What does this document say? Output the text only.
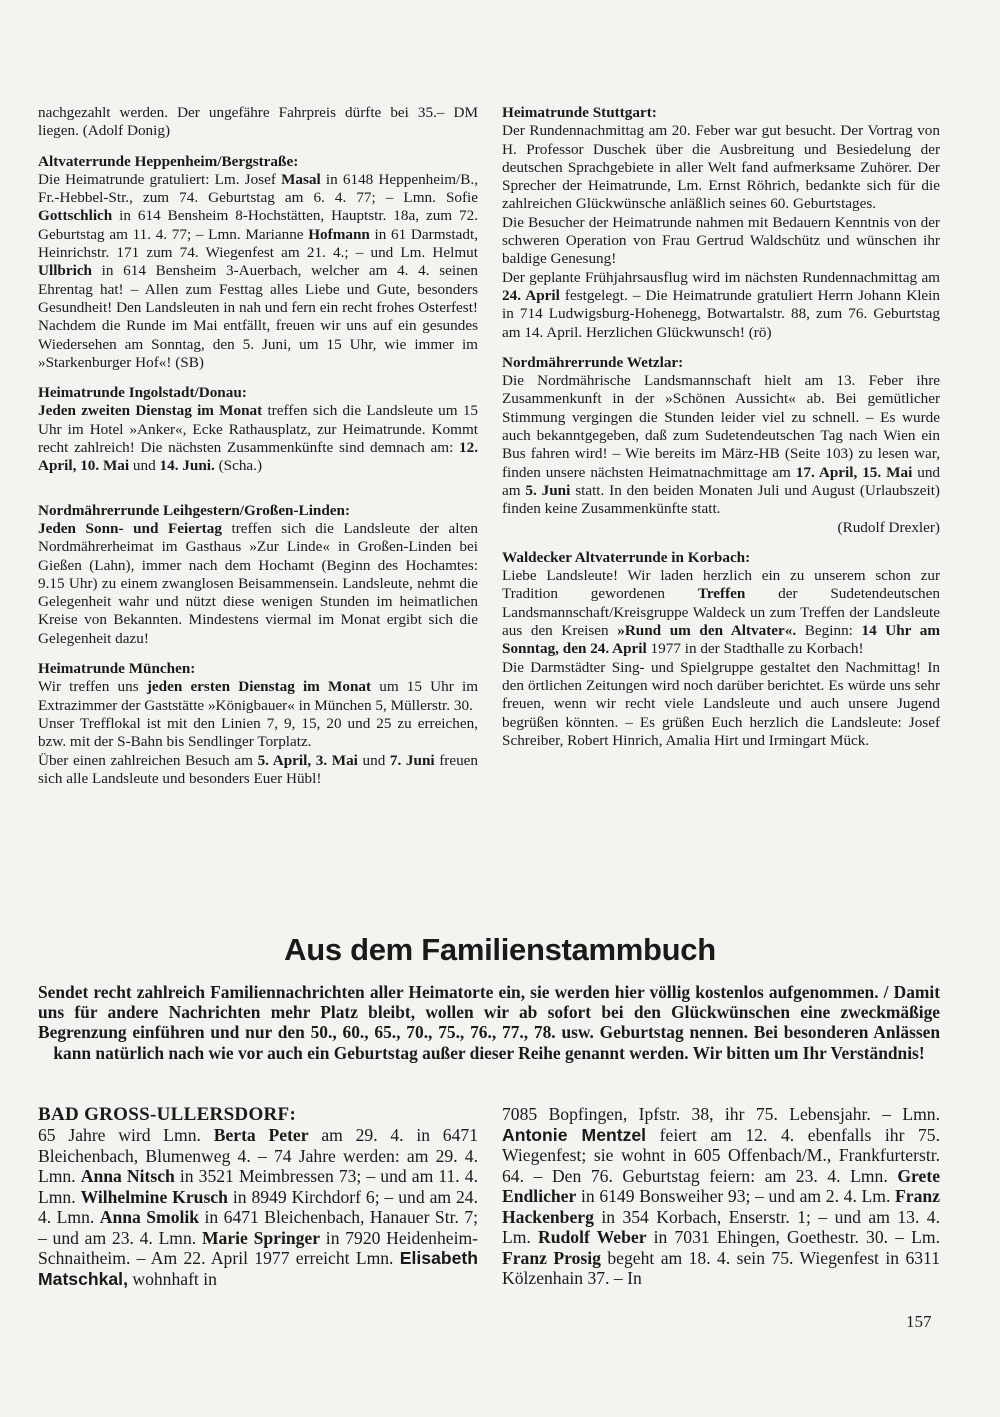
nachgezahlt werden. Der ungefähre Fahrpreis dürfte bei 35.– DM liegen. (Adolf Donig)

Altvaterrunde Heppenheim/Bergstraße:

Die Heimatrunde gratuliert: Lm. Josef Masal in 6148 Heppenheim/B., Fr.-Hebbel-Str., zum 74. Geburtstag am 6. 4. 77; – Lmn. Sofie Gottschlich in 614 Bensheim 8-Hochstätten, Hauptstr. 18a, zum 72. Geburtstag am 11. 4. 77; – Lmn. Marianne Hofmann in 61 Darmstadt, Heinrichstr. 171 zum 74. Wiegenfest am 21. 4.; – und Lm. Helmut Ullbrich in 614 Bensheim 3-Auerbach, welcher am 4. 4. seinen Ehrentag hat! – Allen zum Festtag alles Liebe und Gute, besonders Gesundheit! Den Landsleuten in nah und fern ein recht frohes Osterfest! Nachdem die Runde im Mai entfällt, freuen wir uns auf ein gesundes Wiedersehen am Sonntag, den 5. Juni, um 15 Uhr, wie immer im »Starkenburger Hof«! (SB)

Heimatrunde Ingolstadt/Donau:

Jeden zweiten Dienstag im Monat treffen sich die Landsleute um 15 Uhr im Hotel »Anker«, Ecke Rathausplatz, zur Heimatrunde. Kommt recht zahlreich! Die nächsten Zusammenkünfte sind demnach am: 12. April, 10. Mai und 14. Juni. (Scha.)

Nordmährerrunde Leihgestern/Großen-Linden:

Jeden Sonn- und Feiertag treffen sich die Landsleute der alten Nordmährerheimat im Gasthaus »Zur Linde« in Großen-Linden bei Gießen (Lahn), immer nach dem Hochamt (Beginn des Hochamtes: 9.15 Uhr) zu einem zwanglosen Beisammensein. Landsleute, nehmt die Gelegenheit wahr und nützt diese wenigen Stunden im heimatlichen Kreise von Bekannten. Mindestens viermal im Monat ergibt sich die Gelegenheit dazu!

Heimatrunde München:

Wir treffen uns jeden ersten Dienstag im Monat um 15 Uhr im Extrazimmer der Gaststätte »Königbauer« in München 5, Müllerstr. 30.

Unser Trefflokal ist mit den Linien 7, 9, 15, 20 und 25 zu erreichen, bzw. mit der S-Bahn bis Sendlinger Torplatz.

Über einen zahlreichen Besuch am 5. April, 3. Mai und 7. Juni freuen sich alle Landsleute und besonders Euer Hübl!

Heimatrunde Stuttgart:

Der Rundennachmittag am 20. Feber war gut besucht. Der Vortrag von H. Professor Duschek über die Ausbreitung und Besiedelung der deutschen Sprachgebiete in aller Welt fand aufmerksame Zuhörer. Der Sprecher der Heimatrunde, Lm. Ernst Röhrich, bedankte sich für die zahlreichen Glückwünsche anläßlich seines 60. Geburtstages.

Die Besucher der Heimatrunde nahmen mit Bedauern Kenntnis von der schweren Operation von Frau Gertrud Waldschütz und wünschen ihr baldige Genesung!

Der geplante Frühjahrsausflug wird im nächsten Rundennachmittag am 24. April festgelegt. – Die Heimatrunde gratuliert Herrn Johann Klein in 714 Ludwigsburg-Hohenegg, Botwartalstr. 88, zum 76. Geburtstag am 14. April. Herzlichen Glückwunsch! (rö)

Nordmährerrunde Wetzlar:

Die Nordmährische Landsmannschaft hielt am 13. Feber ihre Zusammenkunft in der »Schönen Aussicht« ab. Bei gemütlicher Stimmung vergingen die Stunden leider viel zu schnell. – Es wurde auch bekanntgegeben, daß zum Sudetendeutschen Tag nach Wien ein Bus fahren wird! – Wie bereits im März-HB (Seite 103) zu lesen war, finden unsere nächsten Heimatnachmittage am 17. April, 15. Mai und am 5. Juni statt. In den beiden Monaten Juli und August (Urlaubszeit) finden keine Zusammenkünfte statt.

(Rudolf Drexler)

Waldecker Altvaterrunde in Korbach:

Liebe Landsleute! Wir laden herzlich ein zu unserem schon zur Tradition gewordenen Treffen der Sudetendeutschen Landsmannschaft/Kreisgruppe Waldeck un zum Treffen der Landsleute aus den Kreisen »Rund um den Altvater«. Beginn: 14 Uhr am Sonntag, den 24. April 1977 in der Stadthalle zu Korbach!

Die Darmstädter Sing- und Spielgruppe gestaltet den Nachmittag! In den örtlichen Zeitungen wird noch darüber berichtet. Es würde uns sehr freuen, wenn wir recht viele Landsleute und auch unsere Jugend begrüßen könnten. – Es grüßen Euch herzlich die Landsleute: Josef Schreiber, Robert Hinrich, Amalia Hirt und Irmingart Mück.

Aus dem Familienstammbuch
Sendet recht zahlreich Familiennachrichten aller Heimatorte ein, sie werden hier völlig kostenlos aufgenommen. / Damit uns für andere Nachrichten mehr Platz bleibt, wollen wir ab sofort bei den Glückwünschen eine zweckmäßige Begrenzung einführen und nur den 50., 60., 65., 70., 75., 76., 77., 78. usw. Geburtstag nennen. Bei besonderen Anlässen kann natürlich nach wie vor auch ein Geburtstag außer dieser Reihe genannt werden. Wir bitten um Ihr Verständnis!
BAD GROSS-ULLERSDORF:

65 Jahre wird Lmn. Berta Peter am 29. 4. in 6471 Bleichenbach, Blumenweg 4. – 74 Jahre werden: am 29. 4. Lmn. Anna Nitsch in 3521 Meimbressen 73; – und am 11. 4. Lmn. Wilhelmine Krusch in 8949 Kirchdorf 6; – und am 24. 4. Lmn. Anna Smolik in 6471 Bleichenbach, Hanauer Str. 7; – und am 23. 4. Lmn. Marie Springer in 7920 Heidenheim-Schnaitheim. – Am 22. April 1977 erreicht Lmn. Elisabeth Matschkal, wohnhaft in

7085 Bopfingen, Ipfstr. 38, ihr 75. Lebensjahr. – Lmn. Antonie Mentzel feiert am 12. 4. ebenfalls ihr 75. Wiegenfest; sie wohnt in 605 Offenbach/M., Frankfurterstr. 64. – Den 76. Geburtstag feiern: am 23. 4. Lmn. Grete Endlicher in 6149 Bonsweiher 93; – und am 2. 4. Lm. Franz Hackenberg in 354 Korbach, Enserstr. 1; – und am 13. 4. Lm. Rudolf Weber in 7031 Ehingen, Goethestr. 30. – Lm. Franz Prosig begeht am 18. 4. sein 75. Wiegenfest in 6311 Kölzenhain 37. – In

157
